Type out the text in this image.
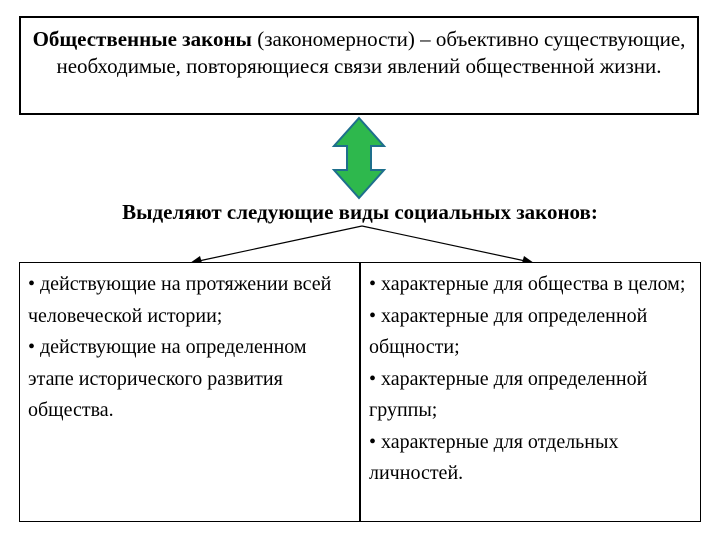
Общественные законы (закономерности) – объективно существующие, необходимые, повторяющиеся связи явлений общественной жизни.
Выделяют следующие виды социальных законов:

• действующие на протяжении всей человеческой истории;

• действующие на определенном этапе исторического развития общества.

• характерные для общества в целом;

• характерные для определенной общности;

• характерные для определенной группы;

• характерные для отдельных личностей.
